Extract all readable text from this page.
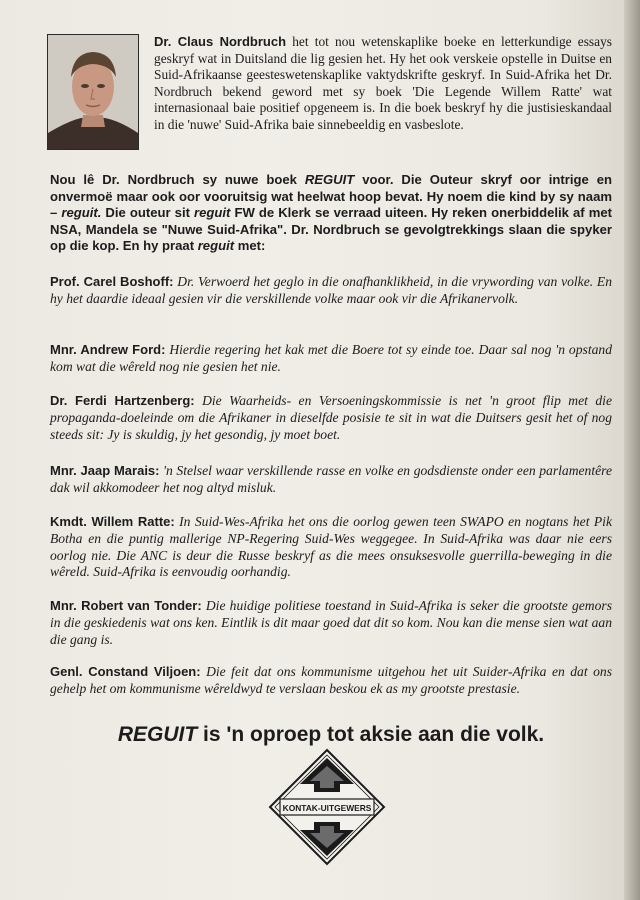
Dr. Claus Nordbruch het tot nou wetenskaplike boeke en letterkundige essays geskryf wat in Duitsland die lig gesien het. Hy het ook verskeie opstelle in Duitse en Suid-Afrikaanse geesteswetenskaplike vaktydskrifte geskryf. In Suid-Afrika het Dr. Nordbruch bekend geword met sy boek 'Die Legende Willem Ratte' wat internasionaal baie positief opgeneem is. In die boek beskryf hy die justisieskandaal in die 'nuwe' Suid-Afrika baie sinnebeeldig en vasbeslote.

Nou lê Dr. Nordbruch sy nuwe boek REGUIT voor. Die Outeur skryf oor intrige en onvermoë maar ook oor vooruitsig wat heelwat hoop bevat. Hy noem die kind by sy naam – reguit. Die outeur sit reguit FW de Klerk se verraad uiteen. Hy reken onerbiddelik af met NSA, Mandela se "Nuwe Suid-Afrika". Dr. Nordbruch se gevolgtrekkings slaan die spyker op die kop. En hy praat reguit met:

Prof. Carel Boshoff: Dr. Verwoerd het geglo in die onafhanklikheid, in die vrywording van volke. En hy het daardie ideaal gesien vir die verskillende volke maar ook vir die Afrikanervolk.

Mnr. Andrew Ford: Hierdie regering het kak met die Boere tot sy einde toe. Daar sal nog 'n opstand kom wat die wêreld nog nie gesien het nie.

Dr. Ferdi Hartzenberg: Die Waarheids- en Versoeningskommissie is net 'n groot flip met die propaganda-doeleinde om die Afrikaner in dieselfde posisie te sit in wat die Duitsers gesit het of nog steeds sit: Jy is skuldig, jy het gesondig, jy moet boet.

Mnr. Jaap Marais: 'n Stelsel waar verskillende rasse en volke en godsdienste onder een parlamentêre dak wil akkomodeer het nog altyd misluk.

Kmdt. Willem Ratte: In Suid-Wes-Afrika het ons die oorlog gewen teen SWAPO en nogtans het Pik Botha en die puntig mallerige NP-Regering Suid-Wes weggegee. In Suid-Afrika was daar nie eers oorlog nie. Die ANC is deur die Russe beskryf as die mees onsuksesvolle guerrilla-beweging in die wêreld. Suid-Afrika is eenvoudig oorhandig.

Mnr. Robert van Tonder: Die huidige politiese toestand in Suid-Afrika is seker die grootste gemors in die geskiedenis wat ons ken. Eintlik is dit maar goed dat dit so kom. Nou kan die mense sien wat aan die gang is.

Genl. Constand Viljoen: Die feit dat ons kommunisme uitgehou het uit Suider-Afrika en dat ons gehelp het om kommunisme wêreldwyd te verslaan beskou ek as my grootste prestasie.

REGUIT is 'n oproep tot aksie aan die volk.

KONTAK-UITGEWERS
